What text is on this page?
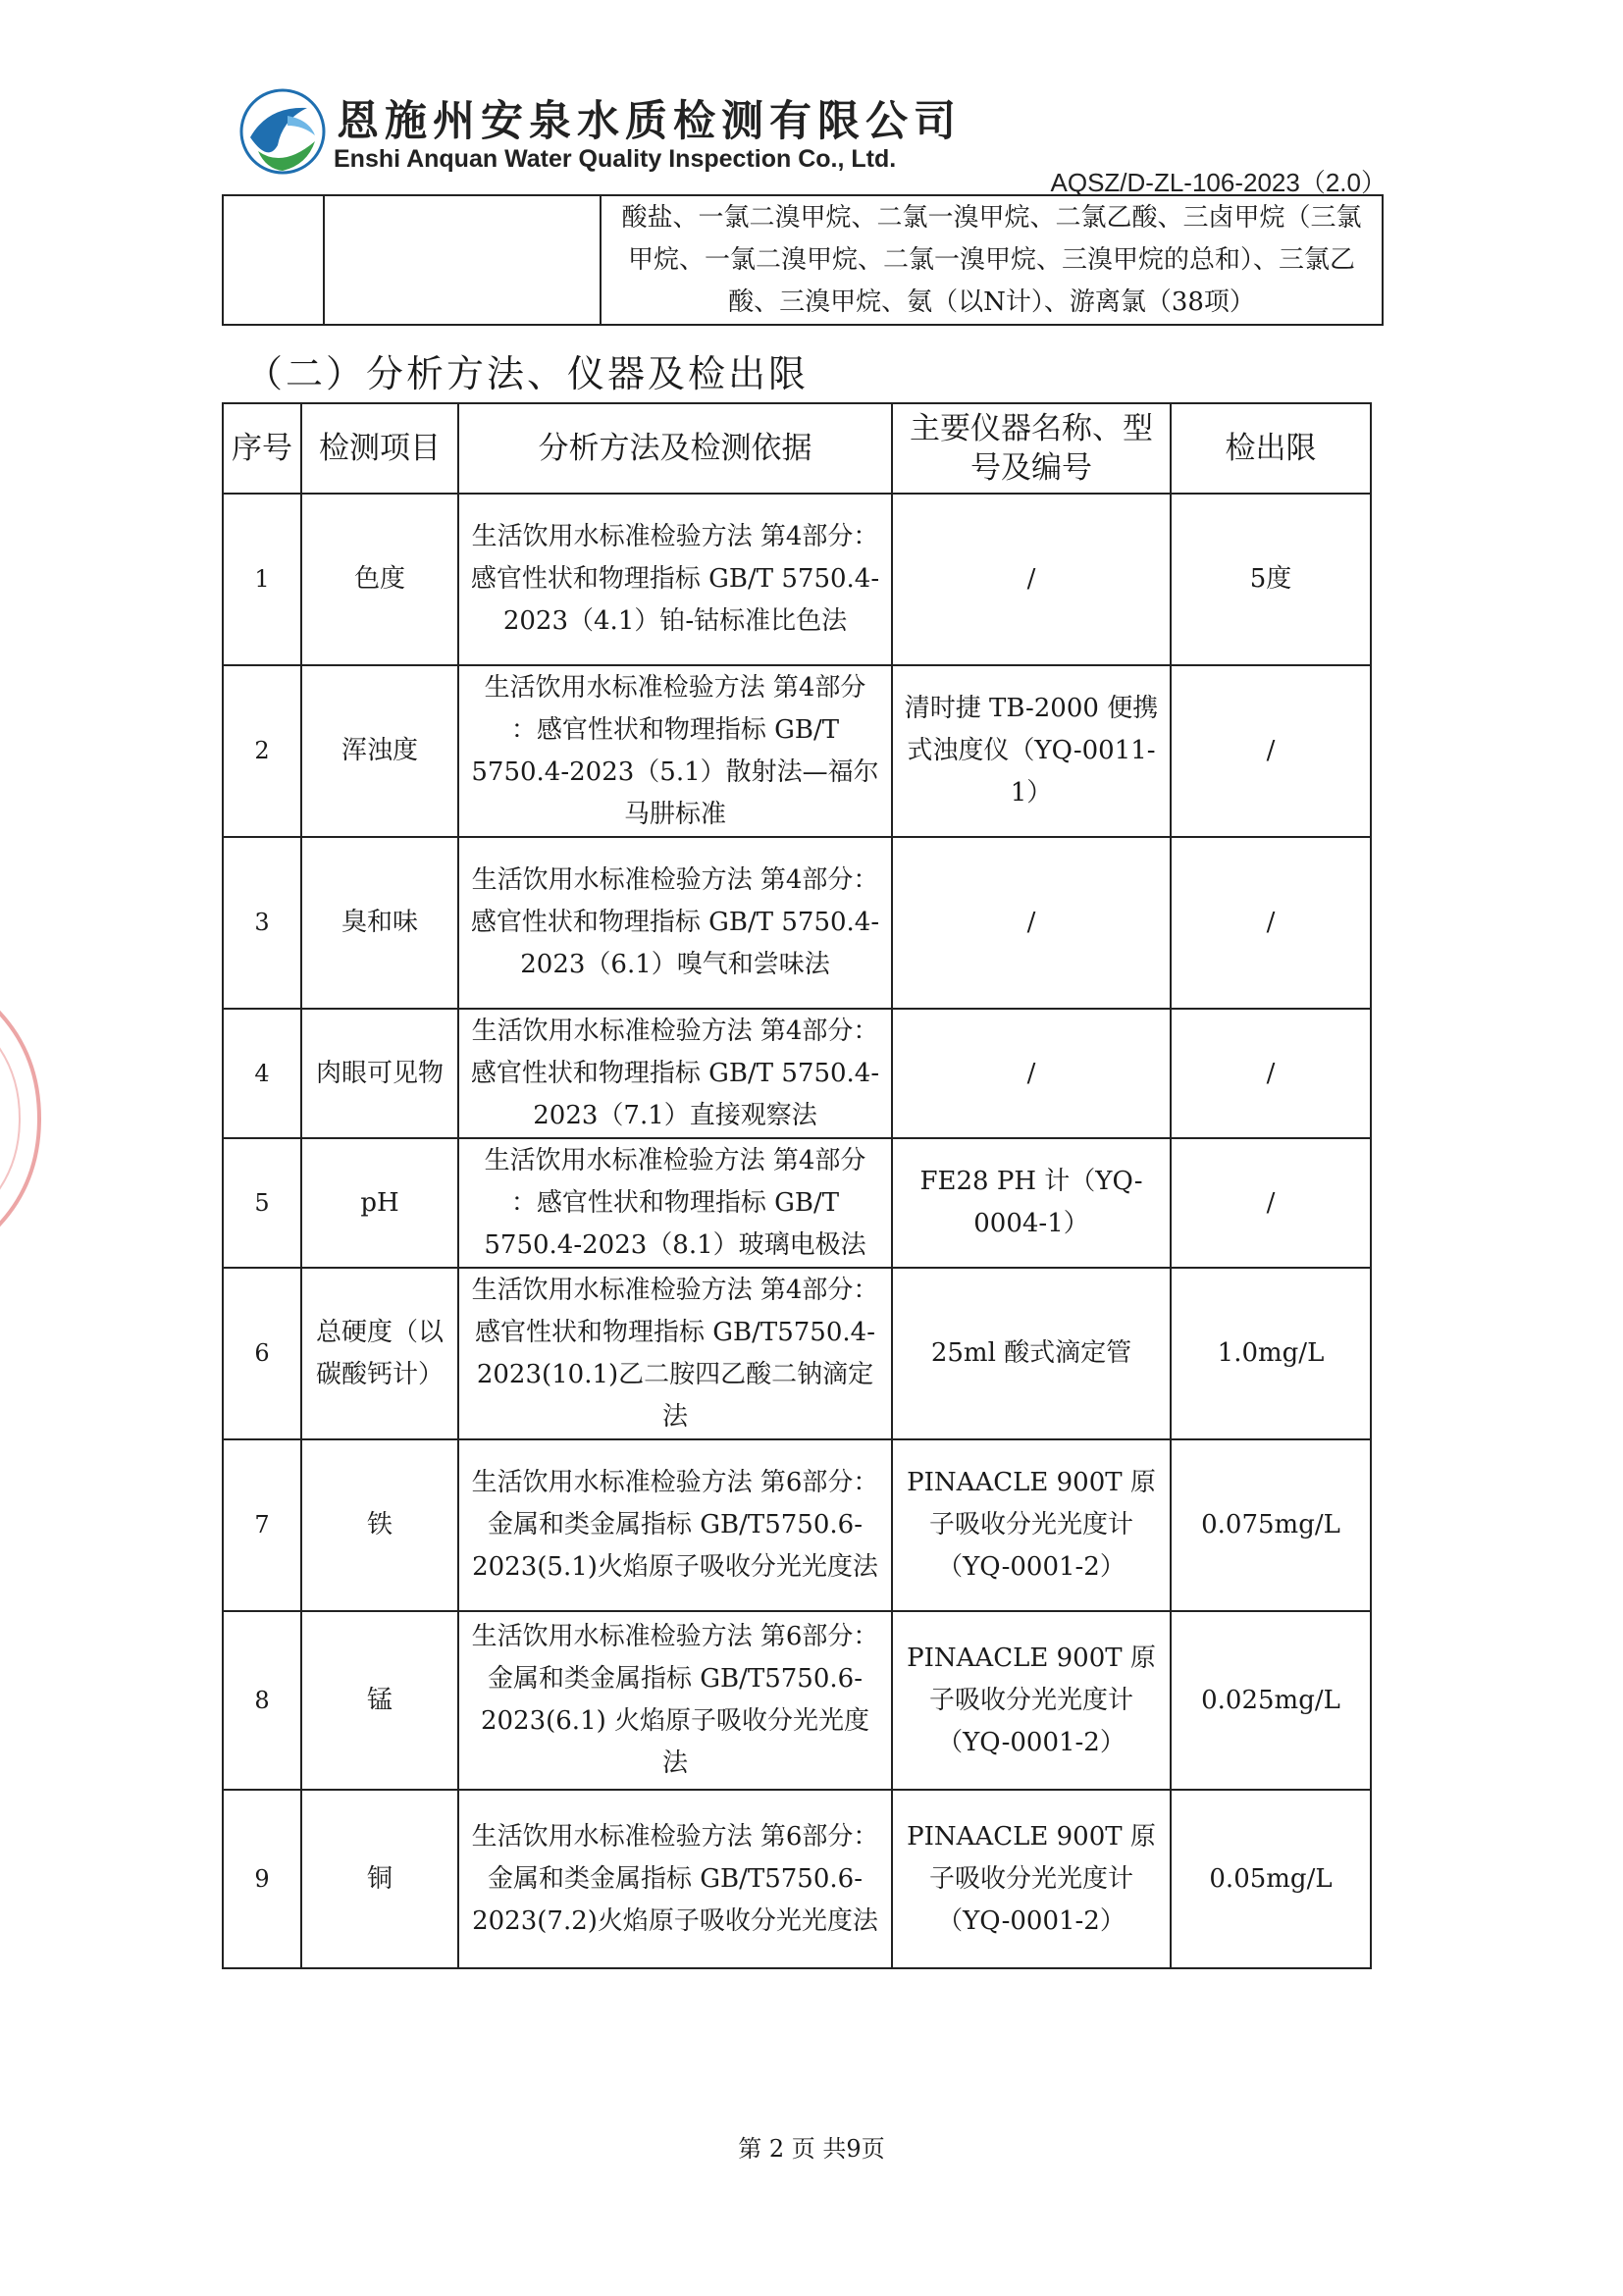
恩施州安泉水质检测有限公司
Enshi Anquan Water Quality Inspection Co., Ltd.
AQSZ/D-ZL-106-2023（2.0）
		酸盐、一氯二溴甲烷、二氯一溴甲烷、二氯乙酸、三卤甲烷（三氯甲烷、一氯二溴甲烷、二氯一溴甲烷、三溴甲烷的总和）、三氯乙酸、三溴甲烷、氨（以N计）、游离氯（38项）
（二）分析方法、仪器及检出限
序号	检测项目	分析方法及检测依据	主要仪器名称、型号及编号	检出限
1	色度	生活饮用水标准检验方法 第4部分：感官性状和物理指标 GB/T 5750.4-2023（4.1）铂-钴标准比色法	/	5度
2	浑浊度	生活饮用水标准检验方法 第4部分 ：感官性状和物理指标 GB/T 5750.4-2023（5.1）散射法—福尔马肼标准	清时捷 TB-2000 便携式浊度仪（YQ-0011-1）	/
3	臭和味	生活饮用水标准检验方法 第4部分：感官性状和物理指标 GB/T 5750.4-2023（6.1）嗅气和尝味法	/	/
4	肉眼可见物	生活饮用水标准检验方法 第4部分：感官性状和物理指标 GB/T 5750.4-2023（7.1）直接观察法	/	/
5	pH	生活饮用水标准检验方法 第4部分 ：感官性状和物理指标 GB/T 5750.4-2023（8.1）玻璃电极法	FE28 PH 计（YQ-0004-1）	/
6	总硬度（以碳酸钙计）	生活饮用水标准检验方法 第4部分：感官性状和物理指标 GB/T5750.4-2023(10.1)乙二胺四乙酸二钠滴定法	25ml 酸式滴定管	1.0mg/L
7	铁	生活饮用水标准检验方法 第6部分：金属和类金属指标 GB/T5750.6-2023(5.1)火焰原子吸收分光光度法	PINAACLE 900T 原子吸收分光光度计（YQ-0001-2）	0.075mg/L
8	锰	生活饮用水标准检验方法 第6部分：金属和类金属指标 GB/T5750.6-2023(6.1) 火焰原子吸收分光光度法	PINAACLE 900T 原子吸收分光光度计（YQ-0001-2）	0.025mg/L
9	铜	生活饮用水标准检验方法 第6部分：金属和类金属指标 GB/T5750.6-2023(7.2)火焰原子吸收分光光度法	PINAACLE 900T 原子吸收分光光度计（YQ-0001-2）	0.05mg/L
第 2 页 共9页
